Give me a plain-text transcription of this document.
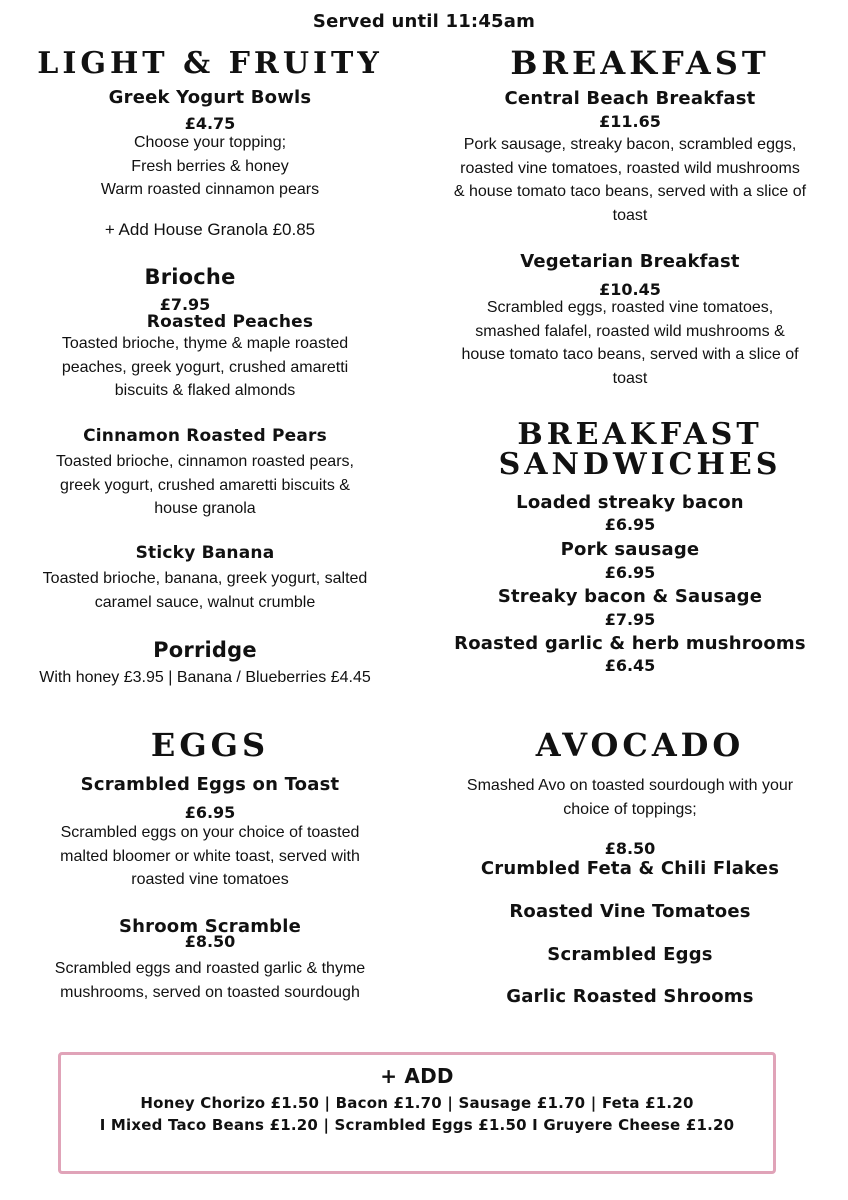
Served until 11:45am
LIGHT & FRUITY
Greek Yogurt Bowls
£4.75
Choose your topping;
Fresh berries & honey
Warm roasted cinnamon pears
+ Add House Granola £0.85
Brioche
£7.95
Roasted Peaches
Toasted brioche, thyme & maple roasted
peaches, greek yogurt, crushed amaretti
biscuits & flaked almonds
Cinnamon Roasted Pears
Toasted brioche, cinnamon roasted pears,
greek yogurt, crushed amaretti biscuits &
house granola
Sticky Banana
Toasted brioche, banana, greek yogurt, salted
caramel sauce, walnut crumble
Porridge
With honey £3.95 | Banana / Blueberries £4.45
EGGS
Scrambled Eggs on Toast
£6.95
Scrambled eggs on your choice of toasted
malted bloomer or white toast, served with
roasted vine tomatoes
Shroom Scramble
£8.50
Scrambled eggs and roasted garlic & thyme
mushrooms, served on toasted sourdough
BREAKFAST
Central Beach Breakfast
£11.65
Pork sausage, streaky bacon, scrambled eggs,
roasted vine tomatoes, roasted wild mushrooms
& house tomato taco beans, served with a slice of
toast
Vegetarian Breakfast
£10.45
Scrambled eggs, roasted vine tomatoes,
smashed falafel, roasted wild mushrooms &
house tomato taco beans, served with a slice of
toast
BREAKFAST
SANDWICHES
Loaded streaky bacon
£6.95
Pork sausage
£6.95
Streaky bacon & Sausage
£7.95
Roasted garlic & herb mushrooms
£6.45
AVOCADO
Smashed Avo on toasted sourdough with your
choice of toppings;
£8.50
Crumbled Feta & Chili Flakes
Roasted Vine Tomatoes
Scrambled Eggs
Garlic Roasted Shrooms
+ ADD
Honey Chorizo £1.50 | Bacon £1.70 | Sausage £1.70 | Feta £1.20
I Mixed Taco Beans £1.20 | Scrambled Eggs £1.50 I Gruyere Cheese £1.20
